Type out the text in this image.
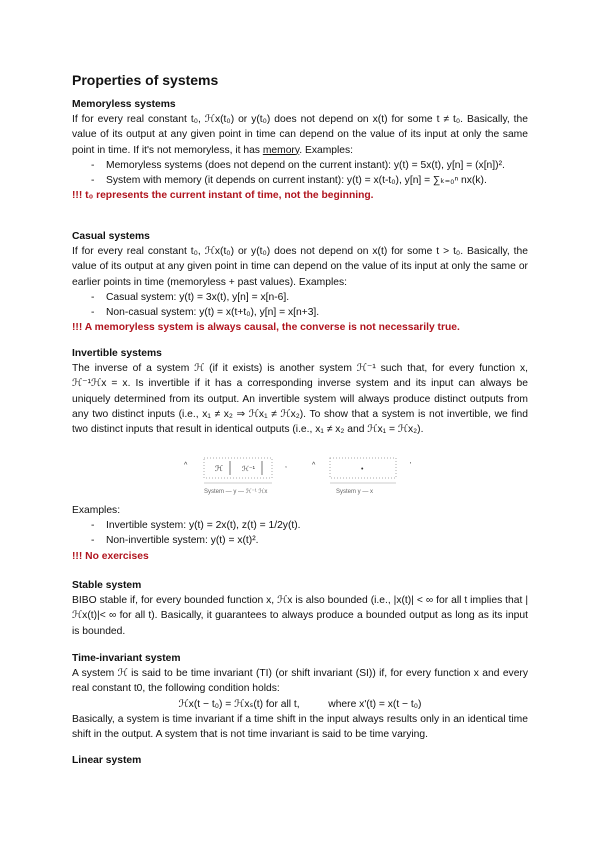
Properties of systems
Memoryless systems
If for every real constant t₀, ℋx(t₀) or y(t₀) does not depend on x(t) for some t ≠ t₀. Basically, the value of its output at any given point in time can depend on the value of its input at only the same point in time. If it's not memoryless, it has memory. Examples:
- Memoryless systems (does not depend on the current instant): y(t) = 5x(t), y[n] = (x[n])².
- System with memory (it depends on current instant): y(t) = x(t-t₀), y[n] = ∑ₖ₌₀ⁿ nx(k).
!!! t₀ represents the current instant of time, not the beginning.
Casual systems
If for every real constant t₀, ℋx(t₀) or y(t₀) does not depend on x(t) for some t > t₀. Basically, the value of its output at any given point in time can depend on the value of its input at only the same or earlier points in time (memoryless + past values). Examples:
- Casual system: y(t) = 3x(t), y[n] = x[n-6].
- Non-casual system: y(t) = x(t+t₀), y[n] = x[n+3].
!!! A memoryless system is always causal, the converse is not necessarily true.
Invertible systems
The inverse of a system ℋ (if it exists) is another system ℋ⁻¹ such that, for every function x, ℋ⁻¹ℋx = x. Is invertible if it has a corresponding inverse system and its input can always be uniquely determined from its output. An invertible system will always produce distinct outputs from any two distinct inputs (i.e., x₁ ≠ x₂ ⇒ ℋx₁ ≠ ℋx₂). To show that a system is not invertible, we find two distinct inputs that result in identical outputs (i.e., x₁ ≠ x₂ and ℋx₁ = ℋx₂).
^	ℋ	ℋ⁻¹
,	^
•
'
System — y — ℋ⁻¹ ℋx	System y — x
Examples:
- Invertible system: y(t) = 2x(t), z(t) = 1/2y(t).
- Non-invertible system: y(t) = x(t)².
!!! No exercises
Stable system
BIBO stable if, for every bounded function x, ℋx is also bounded (i.e., |x(t)| < ∞ for all t implies that |ℋx(t)|< ∞ for all t). Basically, it guarantees to always produce a bounded output as long as its input is bounded.
Time-invariant system
A system ℋ is said to be time invariant (TI) (or shift invariant (SI)) if, for every function x and every real constant t0, the following condition holds:
ℋx(t − t₀) = ℋxₛ(t) for all t,          where x'(t) = x(t − t₀)
Basically, a system is time invariant if a time shift in the input always results only in an identical time shift in the output. A system that is not time invariant is said to be time varying.
Linear system
